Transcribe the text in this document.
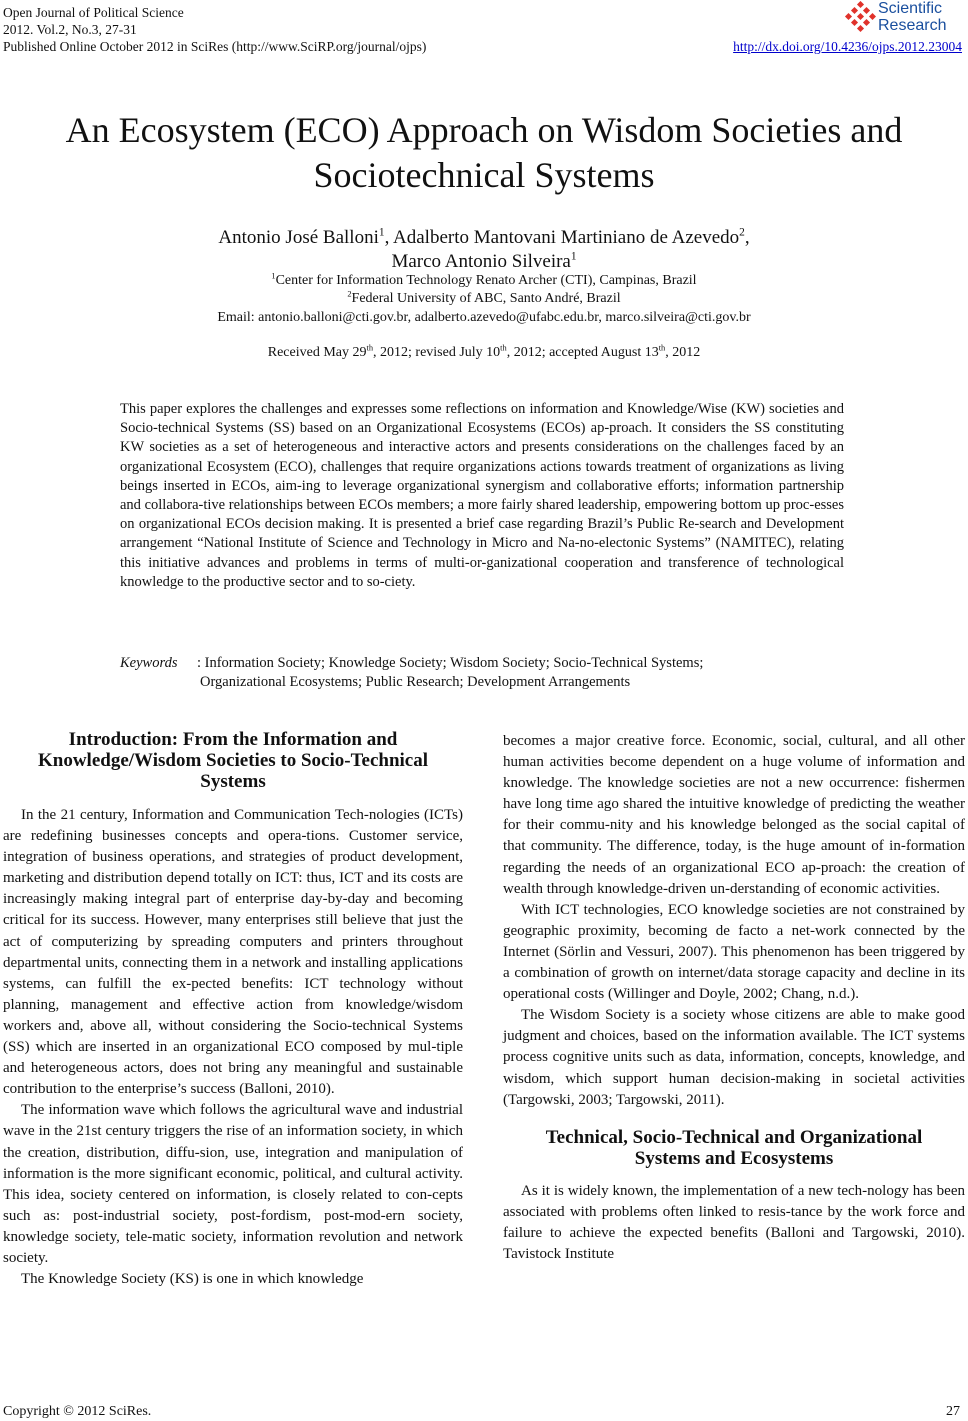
Open Journal of Political Science
2012. Vol.2, No.3, 27-31
Published Online October 2012 in SciRes (http://www.SciRP.org/journal/ojps)
Scientific
Research
http://dx.doi.org/10.4236/ojps.2012.23004
An Ecosystem (ECO) Approach on Wisdom Societies and
Sociotechnical Systems
Antonio José Balloni$^1$, Adalberto Mantovani Martiniano de Azevedo$^2$,
Marco Antonio Silveira$^1$
$^1$Center for Information Technology Renato Archer (CTI), Campinas, Brazil
$^2$Federal University of ABC, Santo André, Brazil
Email: antonio.balloni@cti.gov.br, adalberto.azevedo@ufabc.edu.br, marco.silveira@cti.gov.br
Received May 29th, 2012; revised July 10th, 2012; accepted August 13th, 2012
This paper explores the challenges and expresses some reflections on information and Knowledge/Wise (KW) societies and Socio-technical Systems (SS) based on an Organizational Ecosystems (ECOs) ap-proach. It considers the SS constituting KW societies as a set of heterogeneous and interactive actors and presents considerations on the challenges faced by an organizational Ecosystem (ECO), challenges that require organizations actions towards treatment of organizations as living beings inserted in ECOs, aim-ing to leverage organizational synergism and collaborative efforts; information partnership and collabora-tive relationships between ECOs members; a more fairly shared leadership, empowering bottom up proc-esses on organizational ECOs decision making. It is presented a brief case regarding Brazil’s Public Re-search and Development arrangement “National Institute of Science and Technology in Micro and Na-no-electonic Systems” (NAMITEC), relating this initiative advances and problems in terms of multi-or-ganizational cooperation and transference of technological knowledge to the productive sector and to so-ciety.
Keywords : Information Society; Knowledge Society; Wisdom Society; Socio-Technical Systems;
Organizational Ecosystems; Public Research; Development Arrangements
Introduction: From the Information and Knowledge/Wisdom Societies to Socio-Technical Systems

In the 21 century, Information and Communication Tech-nologies (ICTs) are redefining businesses concepts and opera-tions. Customer service, integration of business operations, and strategies of product development, marketing and distribution depend totally on ICT: thus, ICT and its costs are increasingly making integral part of enterprise day-by-day and becoming critical for its success. However, many enterprises still believe that just the act of computerizing by spreading computers and printers throughout departmental units, connecting them in a network and installing applications systems, can fulfill the ex-pected benefits: ICT technology without planning, management and effective action from knowledge/wisdom workers and, above all, without considering the Socio-technical Systems (SS) which are inserted in an organizational ECO composed by mul-tiple and heterogeneous actors, does not bring any meaningful and sustainable contribution to the enterprise’s success (Balloni, 2010).

The information wave which follows the agricultural wave and industrial wave in the 21st century triggers the rise of an information society, in which the creation, distribution, diffu-sion, use, integration and manipulation of information is the more significant economic, political, and cultural activity. This idea, society centered on information, is closely related to con-cepts such as: post-industrial society, post-fordism, post-mod-ern society, knowledge society, tele-matic society, information revolution and network society.

The Knowledge Society (KS) is one in which knowledge

becomes a major creative force. Economic, social, cultural, and all other human activities become dependent on a huge volume of information and knowledge. The knowledge societies are not a new occurrence: fishermen have long time ago shared the intuitive knowledge of predicting the weather for their commu-nity and his knowledge belonged as the social capital of that community. The difference, today, is the huge amount of in-formation regarding the needs of an organizational ECO ap-proach: the creation of wealth through knowledge-driven un-derstanding of economic activities.

With ICT technologies, ECO knowledge societies are not constrained by geographic proximity, becoming de facto a net-work connected by the Internet (Sörlin and Vessuri, 2007). This phenomenon has been triggered by a combination of growth on internet/data storage capacity and decline in its operational costs (Willinger and Doyle, 2002; Chang, n.d.).

The Wisdom Society is a society whose citizens are able to make good judgment and choices, based on the information available. The ICT systems process cognitive units such as data, information, concepts, knowledge, and wisdom, which support human decision-making in societal activities (Targowski, 2003; Targowski, 2011).

Technical, Socio-Technical and Organizational Systems and Ecosystems

As it is widely known, the implementation of a new tech-nology has been associated with problems often linked to resis-tance by the work force and failure to achieve the expected benefits (Balloni and Targowski, 2010). Tavistock Institute

Copyright © 2012 SciRes.	27
